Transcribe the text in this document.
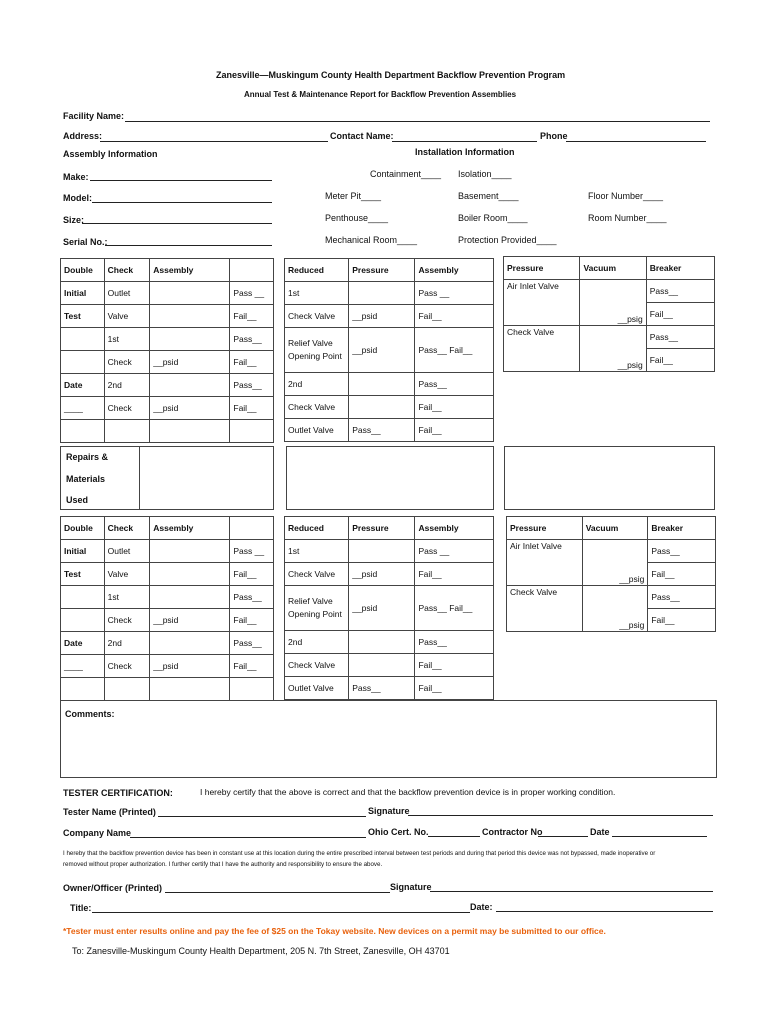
Zanesville—Muskingum County Health Department Backflow Prevention Program
Annual Test & Maintenance Report for Backflow Prevention Assemblies
Facility Name:
Address:	Contact Name:	Phone
Assembly Information	Installation Information
Make:
Model:
Size:
Serial No.:
Containment____ Isolation____
Meter Pit____	Basement____	Floor Number____
Penthouse____	Boiler Room____	Room Number____
Mechanical Room____	Protection Provided____
Double	Check	Assembly	
Initial	Outlet		Pass __
Test	Valve		Fail__
	1st		Pass__
	Check	__psid	Fail__
Date	2nd		Pass__
____	Check	__psid	Fail__

Reduced	Pressure	Assembly
1st		Pass __
Check Valve	__psid	Fail__
Relief Valve Opening Point	__psid	Pass__ Fail__
2nd		Pass__
Check Valve		Fail__
Outlet Valve	Pass__	Fail__
Pressure	Vacuum	Breaker
Air Inlet Valve	__psig	Pass__
		Fail__
Check Valve	__psig	Pass__
		Fail__
Repairs &
Materials
Used
Double	Check	Assembly	
Initial	Outlet		Pass __
Test	Valve		Fail__
	1st		Pass__
	Check	__psid	Fail__
Date	2nd		Pass__
____	Check	__psid	Fail__

Reduced	Pressure	Assembly
1st		Pass __
Check Valve	__psid	Fail__
Relief Valve Opening Point	__psid	Pass__ Fail__
2nd		Pass__
Check Valve		Fail__
Outlet Valve	Pass__	Fail__
Pressure	Vacuum	Breaker
Air Inlet Valve	__psig	Pass__
		Fail__
Check Valve	__psig	Pass__
		Fail__
Comments:
TESTER CERTIFICATION:	I hereby certify that the above is correct and that the backflow prevention device is in proper working condition.
Tester Name (Printed)	Signature
Company Name	Ohio Cert. No.	Contractor No	Date
I hereby that the backflow prevention device has been in constant use at this location during the entire prescribed interval between test periods and during that period this device was not bypassed, made inoperative or
removed without proper authorization. I further certify that I have the authority and responsibility to ensure the above.
Owner/Officer (Printed)	Signature
Title:	Date:
*Tester must enter results online and pay the fee of $25 on the Tokay website. New devices on a permit may be submitted to our office.
To: Zanesville-Muskingum County Health Department, 205 N. 7th Street, Zanesville, OH 43701
